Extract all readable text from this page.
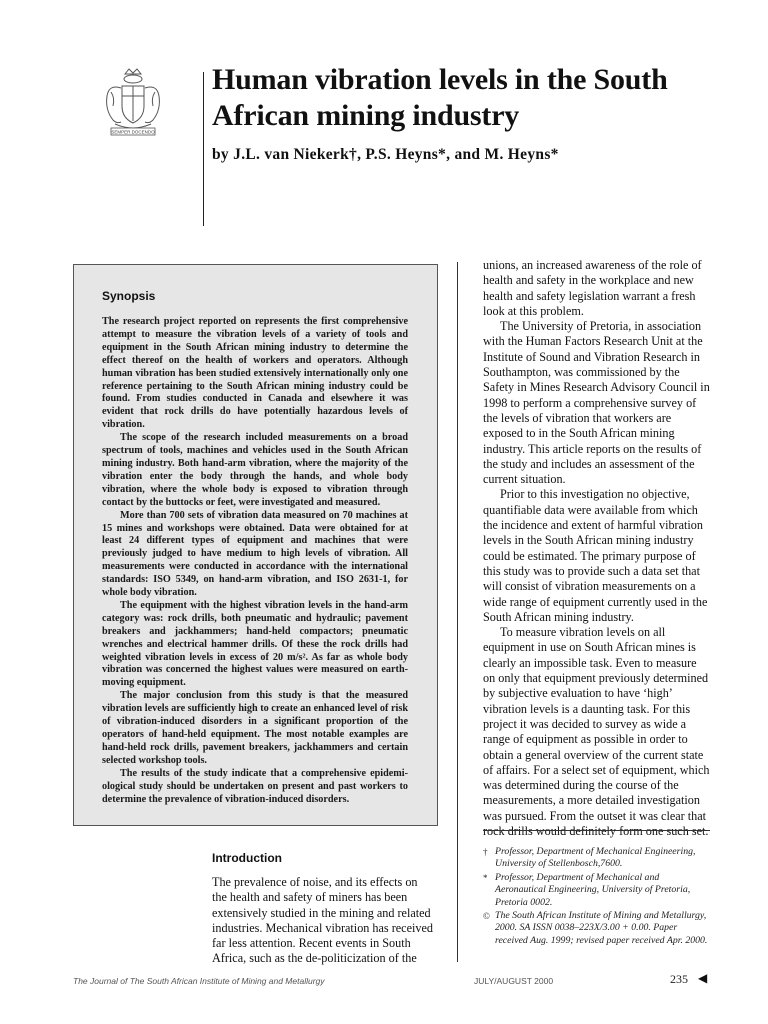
SEMPER DOCENDO
Human vibration levels in the South African mining industry
by J.L. van Niekerk†, P.S. Heyns*, and M. Heyns*
Synopsis

The research project reported on represents the first comprehensive attempt to measure the vibration levels of a variety of tools and equipment in the South African mining industry to determine the effect thereof on the health of workers and operators. Although human vibration has been studied extensively internationally only one reference pertaining to the South African mining industry could be found. From studies conducted in Canada and elsewhere it was evident that rock drills do have potentially hazardous levels of vibration.

The scope of the research included measurements on a broad spectrum of tools, machines and vehicles used in the South African mining industry. Both hand-arm vibration, where the majority of the vibration enter the body through the hands, and whole body vibration, where the whole body is exposed to vibration through contact by the buttocks or feet, were investigated and measured.

More than 700 sets of vibration data measured on 70 machines at 15 mines and workshops were obtained. Data were obtained for at least 24 different types of equipment and machines that were previously judged to have medium to high levels of vibration. All measurements were conducted in accordance with the international standards: ISO 5349, on hand-arm vibration, and ISO 2631-1, for whole body vibration.

The equipment with the highest vibration levels in the hand-arm category was: rock drills, both pneumatic and hydraulic; pavement breakers and jackhammers; hand-held compactors; pneumatic wrenches and electrical hammer drills. Of these the rock drills had weighted vibration levels in excess of 20 m/s². As far as whole body vibration was concerned the highest values were measured on earth-moving equipment.

The major conclusion from this study is that the measured vibration levels are sufficiently high to create an enhanced level of risk of vibration-induced disorders in a significant proportion of the operators of hand-held equipment. The most notable examples are hand-held rock drills, pavement breakers, jackhammers and certain selected workshop tools.

The results of the study indicate that a comprehensive epidemi-ological study should be undertaken on present and past workers to determine the prevalence of vibration-induced disorders.

unions, an increased awareness of the role of health and safety in the workplace and new health and safety legislation warrant a fresh look at this problem.

The University of Pretoria, in association with the Human Factors Research Unit at the Institute of Sound and Vibration Research in Southampton, was commissioned by the Safety in Mines Research Advisory Council in 1998 to perform a comprehensive survey of the levels of vibration that workers are exposed to in the South African mining industry. This article reports on the results of the study and includes an assessment of the current situation.

Prior to this investigation no objective, quantifiable data were available from which the incidence and extent of harmful vibration levels in the South African mining industry could be estimated. The primary purpose of this study was to provide such a data set that will consist of vibration measurements on a wide range of equipment currently used in the South African mining industry.

To measure vibration levels on all equipment in use on South African mines is clearly an impossible task. Even to measure on only that equipment previously determined by subjective evaluation to have ‘high’ vibration levels is a daunting task. For this project it was decided to survey as wide a range of equipment as possible in order to obtain a general overview of the current state of affairs. For a select set of equipment, which was determined during the course of the measurements, a more detailed investigation was pursued. From the outset it was clear that

† Professor, Department of Mechanical Engineering, University of Stellenbosch,7600.
* Professor, Department of Mechanical and Aeronautical Engineering, University of Pretoria, Pretoria 0002.
© The South African Institute of Mining and Metallurgy, 2000. SA ISSN 0038–223X/3.00 + 0.00. Paper received Aug. 1999; revised paper received Apr. 2000.
Introduction

The prevalence of noise, and its effects on the health and safety of miners has been extensively studied in the mining and related industries. Mechanical vibration has received far less attention. Recent events in South Africa, such as the de-politicization of the

The Journal of The South African Institute of Mining and Metallurgy	JULY/AUGUST 2000	235 ◀
